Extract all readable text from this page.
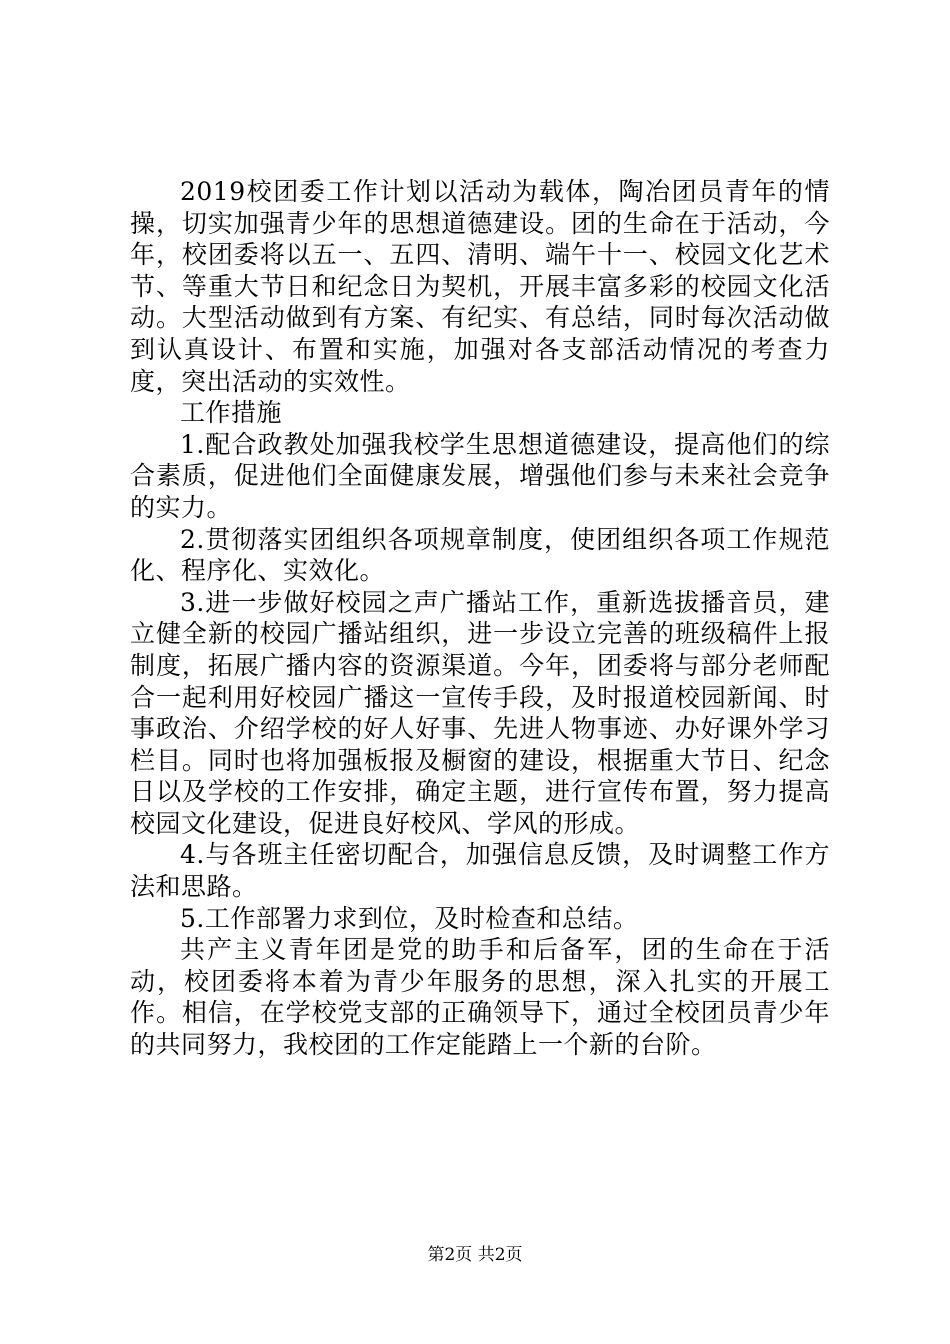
2019校团委工作计划以活动为载体，陶冶团员青年的情操，切实加强青少年的思想道德建设。团的生命在于活动，今年，校团委将以五一、五四、清明、端午十一、校园文化艺术节、等重大节日和纪念日为契机，开展丰富多彩的校园文化活动。大型活动做到有方案、有纪实、有总结，同时每次活动做到认真设计、布置和实施，加强对各支部活动情况的考查力度，突出活动的实效性。

工作措施

1.配合政教处加强我校学生思想道德建设，提高他们的综合素质，促进他们全面健康发展，增强他们参与未来社会竞争的实力。

2.贯彻落实团组织各项规章制度，使团组织各项工作规范化、程序化、实效化。

3.进一步做好校园之声广播站工作，重新选拔播音员，建立健全新的校园广播站组织，进一步设立完善的班级稿件上报制度，拓展广播内容的资源渠道。今年，团委将与部分老师配合一起利用好校园广播这一宣传手段，及时报道校园新闻、时事政治、介绍学校的好人好事、先进人物事迹、办好课外学习栏目。同时也将加强板报及橱窗的建设，根据重大节日、纪念日以及学校的工作安排，确定主题，进行宣传布置，努力提高校园文化建设，促进良好校风、学风的形成。

4.与各班主任密切配合，加强信息反馈，及时调整工作方法和思路。

5.工作部署力求到位，及时检查和总结。

共产主义青年团是党的助手和后备军，团的生命在于活动，校团委将本着为青少年服务的思想，深入扎实的开展工作。相信，在学校党支部的正确领导下，通过全校团员青少年的共同努力，我校团的工作定能踏上一个新的台阶。

第2页 共2页
